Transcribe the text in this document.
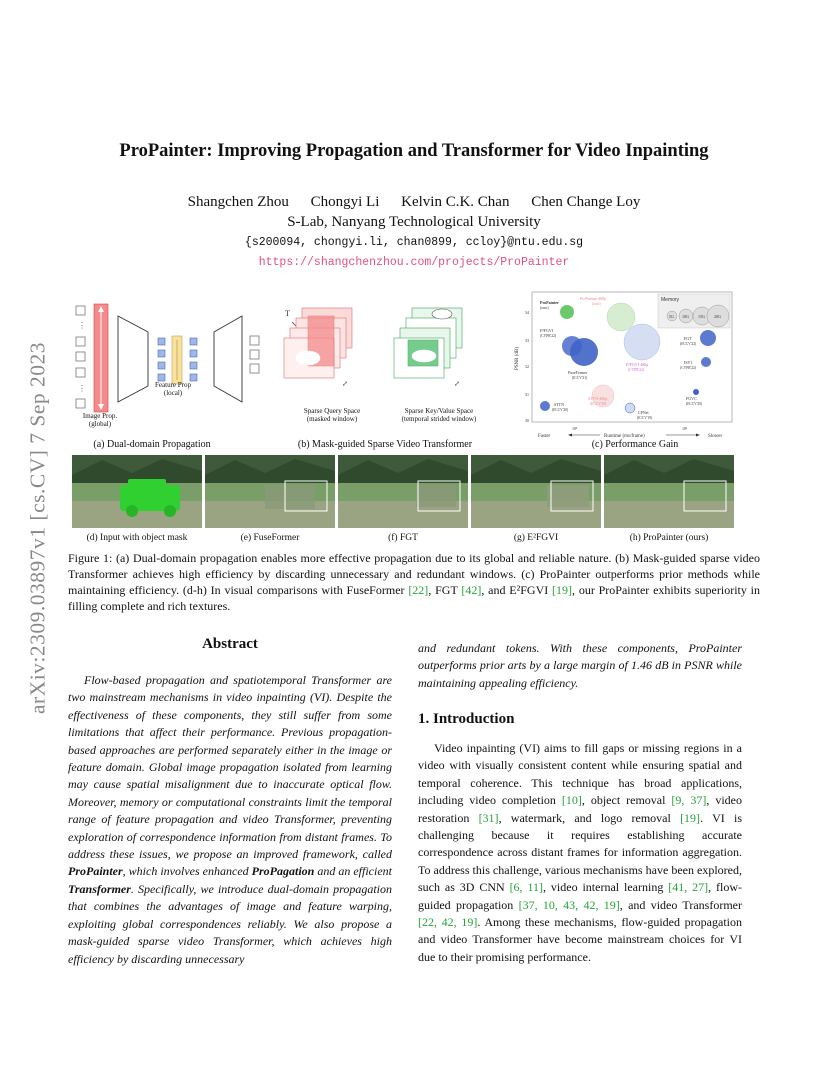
arXiv:2309.03897v1 [cs.CV] 7 Sep 2023
ProPainter: Improving Propagation and Transformer for Video Inpainting
Shangchen Zhou Chongyi Li Kelvin C.K. Chan Chen Change Loy
S-Lab, Nanyang Technological University
{s200094, chongyi.li, chan0899, ccloy}@ntu.edu.sg
https://shangchenzhou.com/projects/ProPainter
⋮
⋮
Image Prop.
(global)
Feature Prop
(local)
(a) Dual-domain Propagation
T
⤢	⤢
Sparse Query Space
(masked window)
Sparse Key/Value Space
(temporal strided window)
(b) Mask-guided Sparse Video Transformer
Memory
5G 10G 15G 20G
34
33
32
31
30
PSNR (dB)
ProPainter
(ours)
ProPainter-480p
(ours)
E²FGVI
(CVPR'22)
FuseFormer
(ICCV'21)
E²FGVI-480p
(CVPR'22)
FGT
(ECCV'22)
ISVI
(CVPR'22)
STTN
(ECCV'20)
STTN-480p
(ECCV'20)
CPNet
(ICCV'19)
FGVC
(ECCV'20)
10²	10³
Faster	Runtime (ms/frame)	Slower
(c) Performance Gain
(d) Input with object mask	(e) FuseFormer	(f) FGT	(g) E²FGVI	(h) ProPainter (ours)
Figure 1: (a) Dual-domain propagation enables more effective propagation due to its global and reliable nature. (b) Mask-guided sparse video Transformer achieves high efficiency by discarding unnecessary and redundant windows. (c) ProPainter outperforms prior methods while maintaining efficiency. (d-h) In visual comparisons with FuseFormer [22], FGT [42], and E²FGVI [19], our ProPainter exhibits superiority in filling complete and rich textures.
Abstract
Flow-based propagation and spatiotemporal Transformer are two mainstream mechanisms in video inpainting (VI). Despite the effectiveness of these components, they still suffer from some limitations that affect their performance. Previous propagation-based approaches are performed separately either in the image or feature domain. Global image propagation isolated from learning may cause spatial misalignment due to inaccurate optical flow. Moreover, memory or computational constraints limit the temporal range of feature propagation and video Transformer, preventing exploration of correspondence information from distant frames. To address these issues, we propose an improved framework, called ProPainter, which involves enhanced ProPagation and an efficient Transformer. Specifically, we introduce dual-domain propagation that combines the advantages of image and feature warping, exploiting global correspondences reliably. We also propose a mask-guided sparse video Transformer, which achieves high efficiency by discarding unnecessary
and redundant tokens. With these components, ProPainter outperforms prior arts by a large margin of 1.46 dB in PSNR while maintaining appealing efficiency.
1. Introduction
Video inpainting (VI) aims to fill gaps or missing regions in a video with visually consistent content while ensuring spatial and temporal coherence. This technique has broad applications, including video completion [10], object removal [9, 37], video restoration [31], watermark, and logo removal [19]. VI is challenging because it requires establishing accurate correspondence across distant frames for information aggregation. To address this challenge, various mechanisms have been explored, such as 3D CNN [6, 11], video internal learning [41, 27], flow-guided propagation [37, 10, 43, 42, 19], and video Transformer [22, 42, 19]. Among these mechanisms, flow-guided propagation and video Transformer have become mainstream choices for VI due to their promising performance.
